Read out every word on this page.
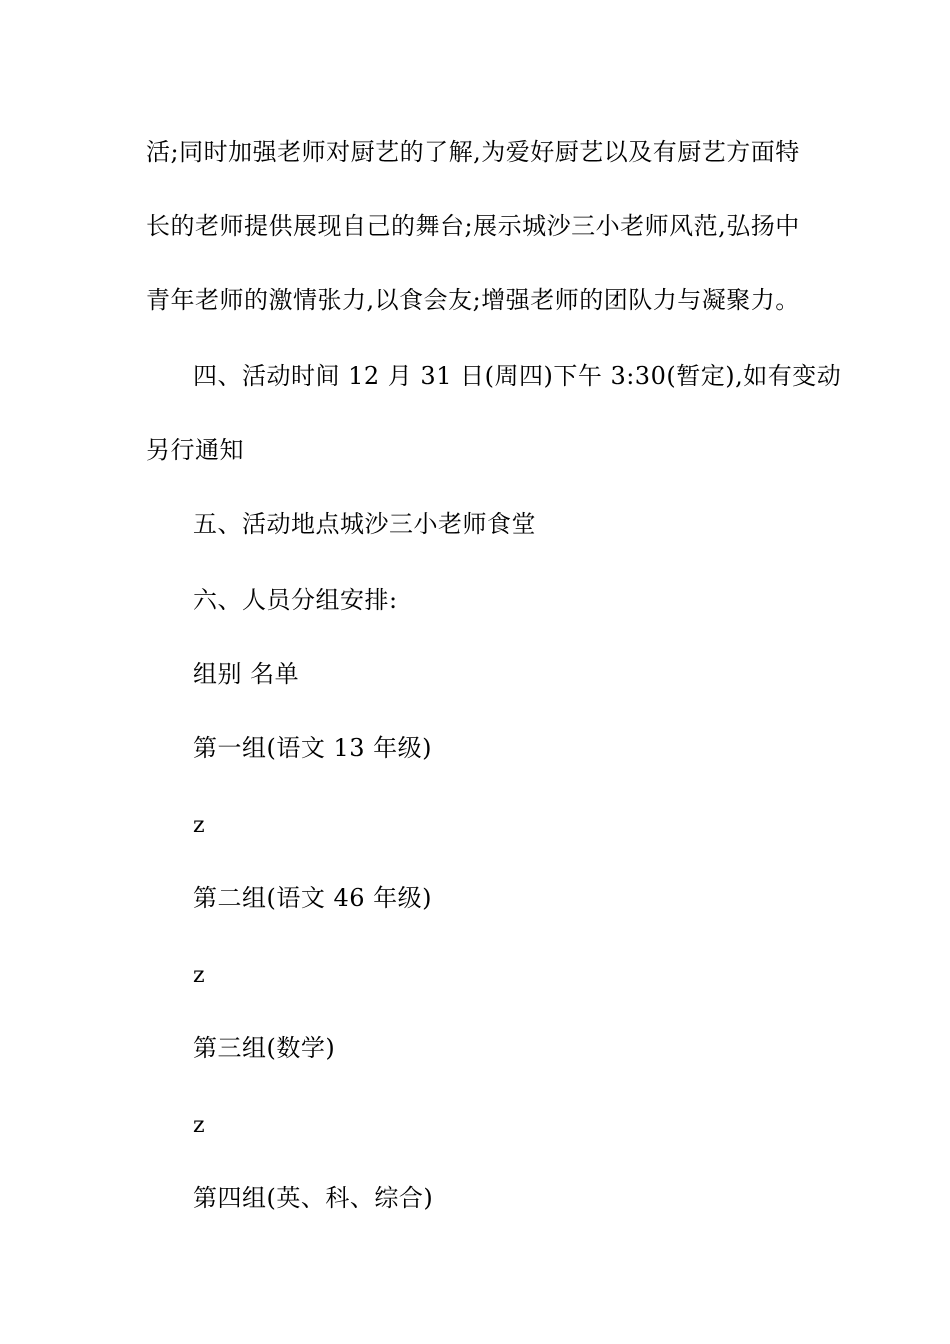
活;同时加强老师对厨艺的了解,为爱好厨艺以及有厨艺方面特
长的老师提供展现自己的舞台;展示城沙三小老师风范,弘扬中
青年老师的激情张力,以食会友;增强老师的团队力与凝聚力。
四、活动时间 12 月 31 日(周四)下午 3:30(暂定),如有变动
另行通知
五、活动地点城沙三小老师食堂
六、人员分组安排:
组别 名单
第一组(语文 13 年级)
z
第二组(语文 46 年级)
z
第三组(数学)
z
第四组(英、科、综合)
